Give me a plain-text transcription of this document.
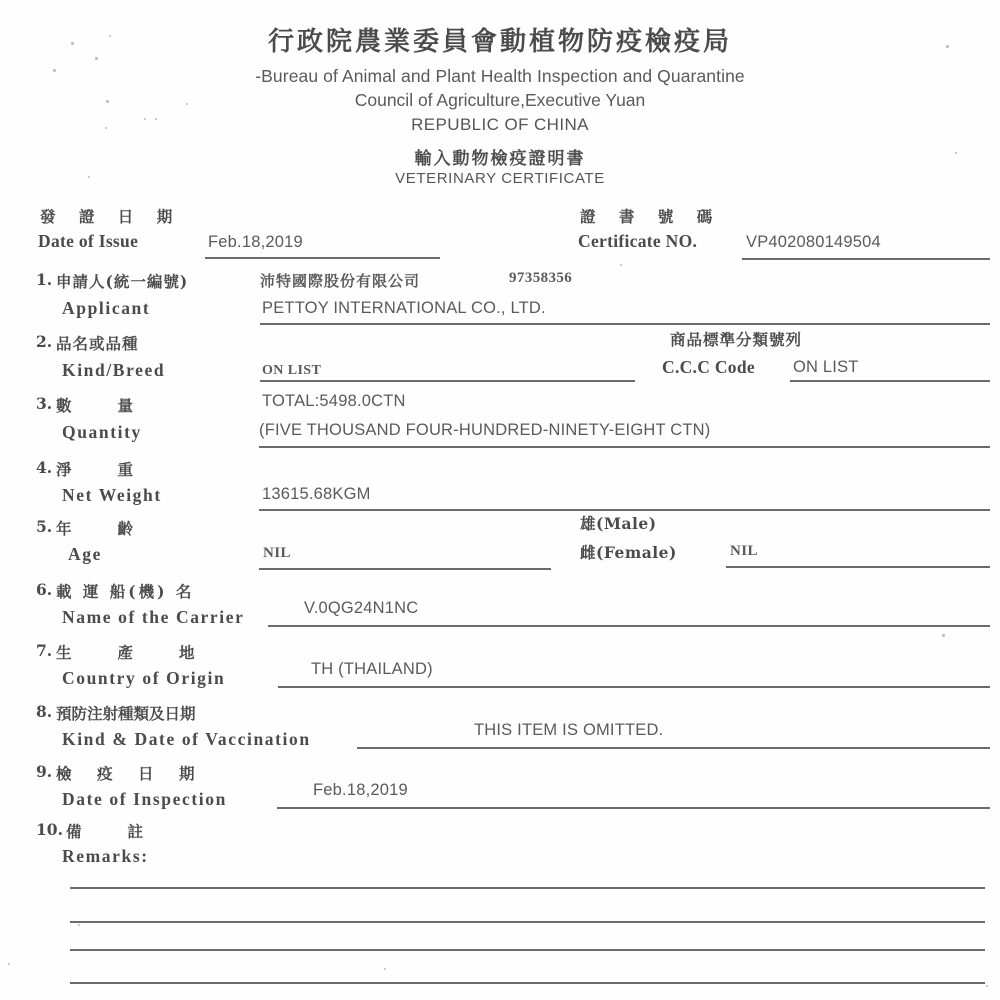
行政院農業委員會動植物防疫檢疫局
-Bureau of Animal and Plant Health Inspection and Quarantine
Council of Agriculture,Executive Yuan
REPUBLIC OF CHINA
輸入動物檢疫證明書
VETERINARY CERTIFICATE
發 證 日 期
Date of Issue	Feb.18,2019
證 書 號 碼
Certificate NO.	VP402080149504
1. 申請人(統一編號)
Applicant
沛特國際股份有限公司	97358356
PETTOY INTERNATIONAL CO., LTD.
2. 品名或品種
Kind/Breed	ON LIST
商品標準分類號列
C.C.C Code ON LIST
3. 數　　量
Quantity
TOTAL:5498.0CTN
(FIVE THOUSAND FOUR-HUNDRED-NINETY-EIGHT CTN)
4. 淨　　重
Net Weight	13615.68KGM
5. 年　　齡
Age	NIL
雄(Male)
雌(Female)	NIL
6. 載 運 船(機) 名
Name of the Carrier	V.0QG24N1NC
7. 生　　產　　地
Country of Origin	TH (THAILAND)
8. 預防注射種類及日期
Kind & Date of Vaccination	THIS ITEM IS OMITTED.
9. 檢　疫　日　期
Date of Inspection	Feb.18,2019
10. 備　　註
Remarks:
